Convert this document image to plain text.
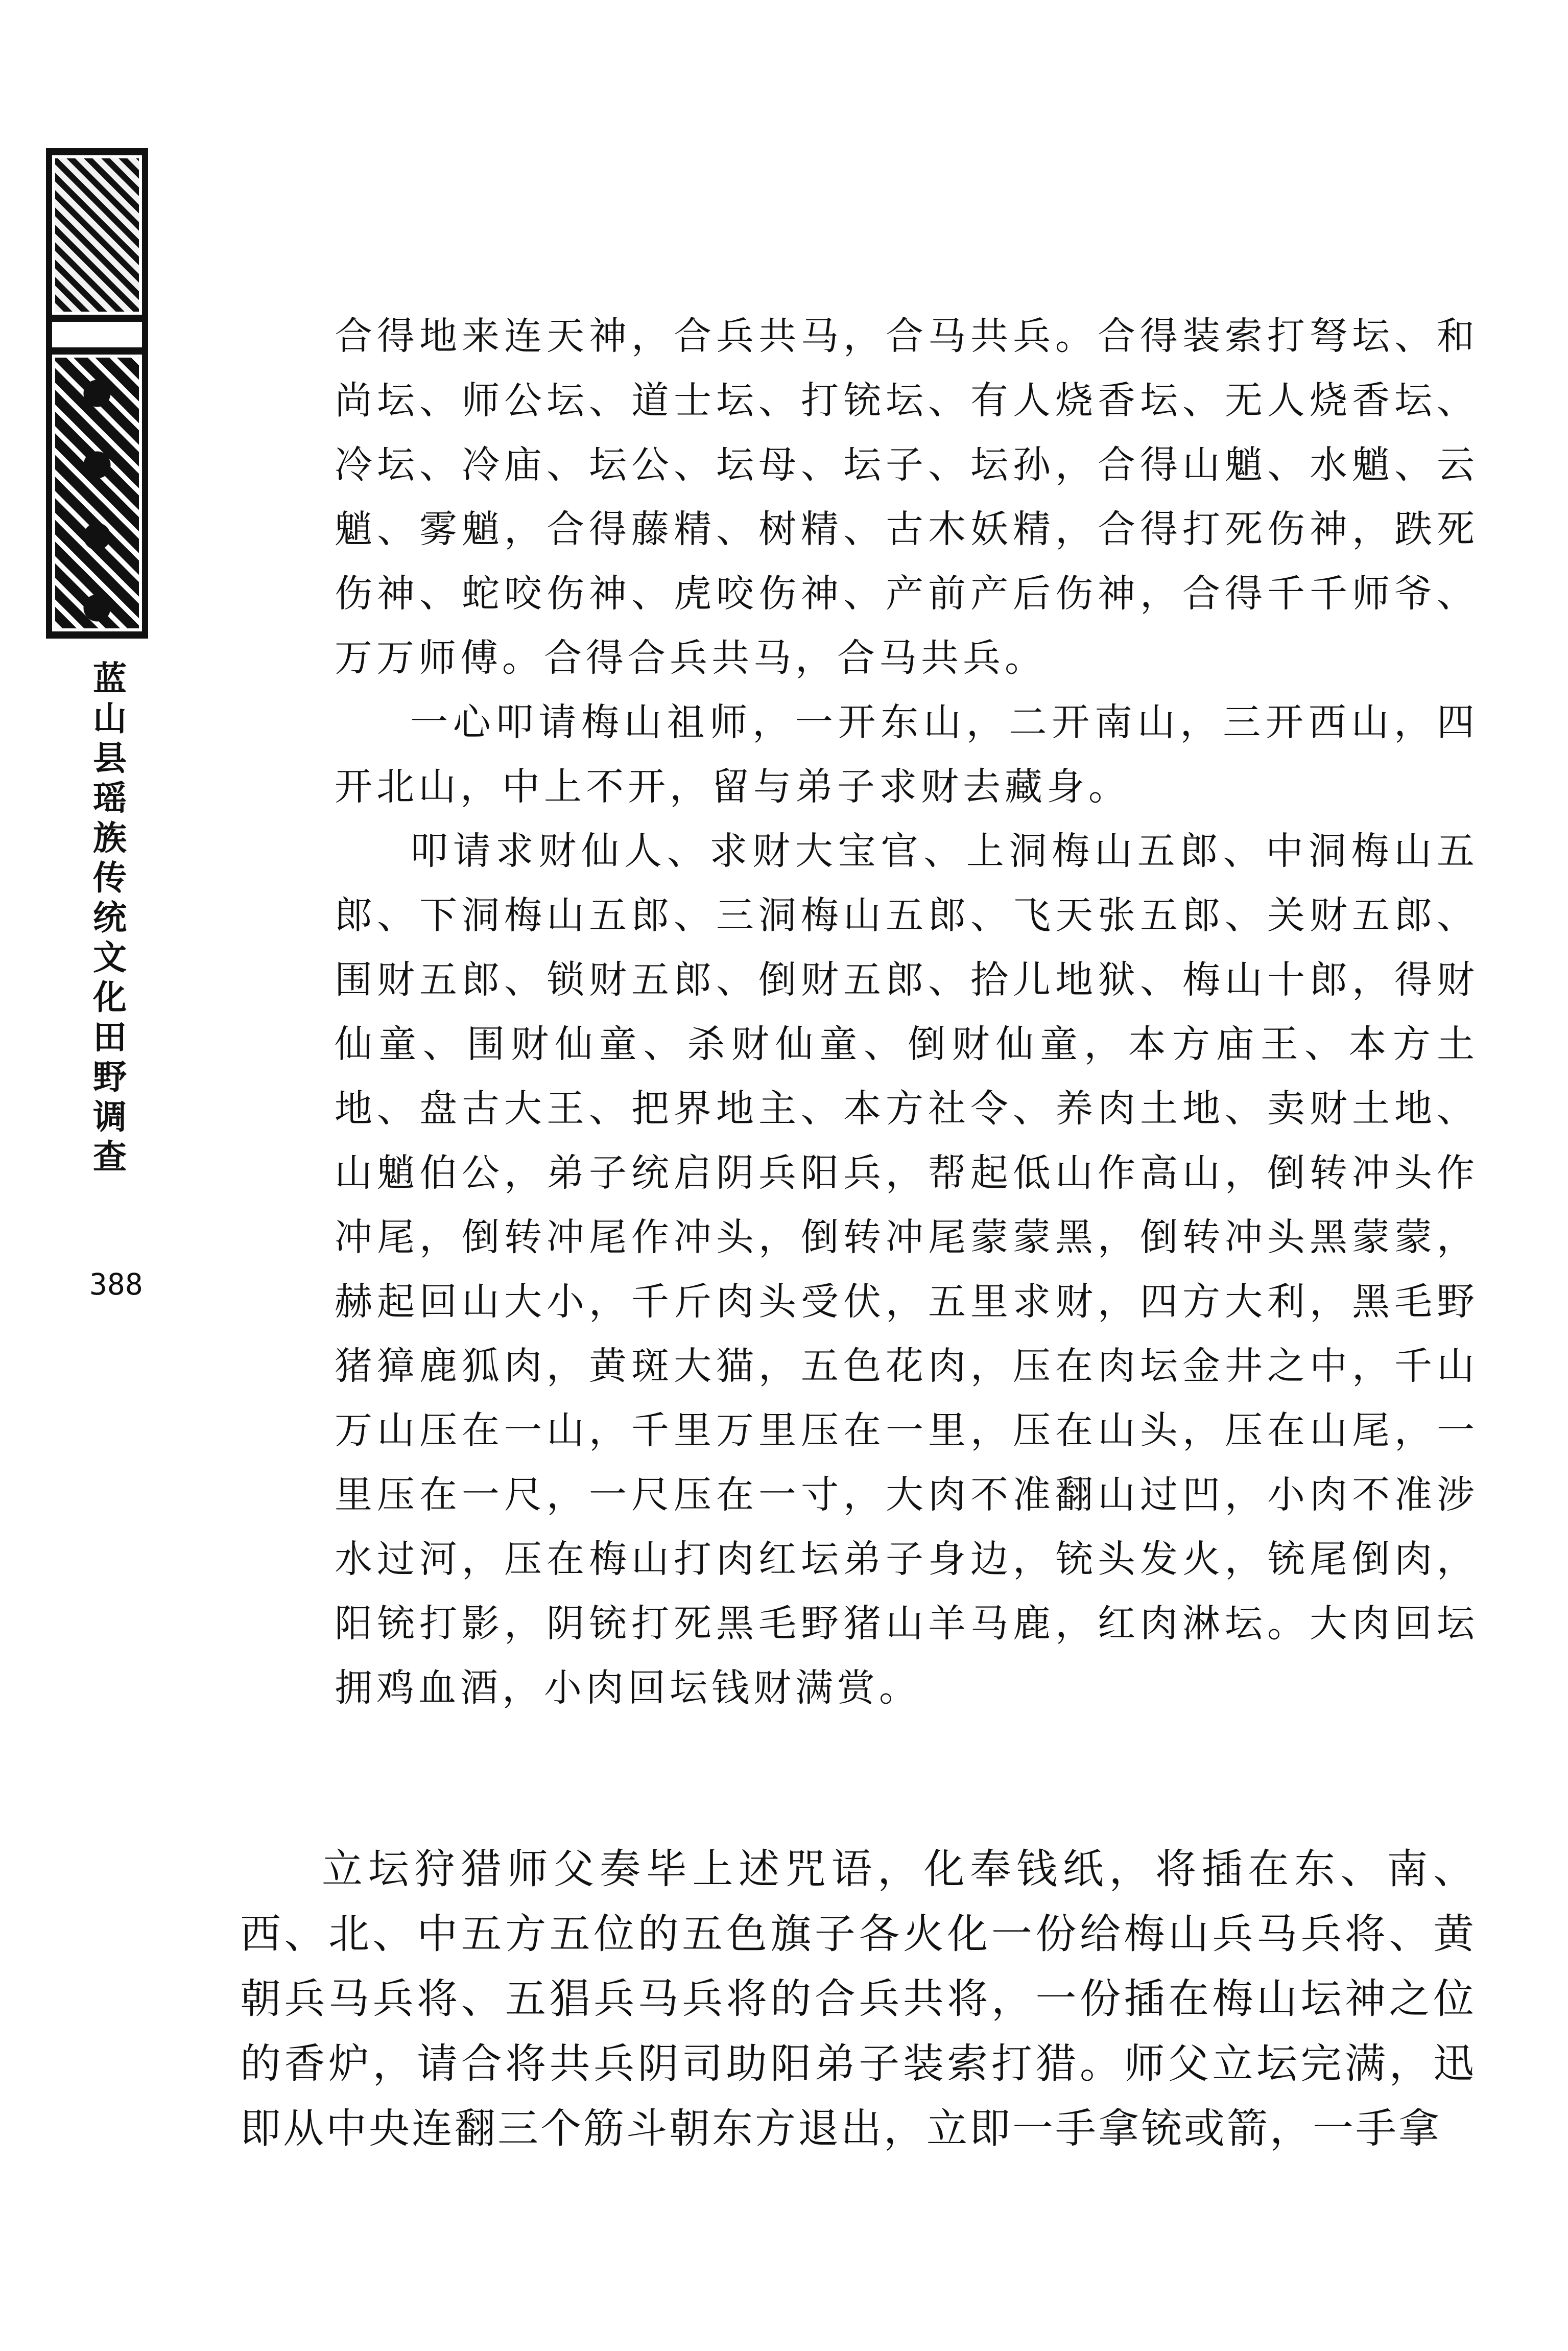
蓝山县瑶族传统文化田野调查
388

合得地来连天神，合兵共马，合马共兵。合得装索打弩坛、和尚坛、师公坛、道士坛、打铳坛、有人烧香坛、无人烧香坛、冷坛、冷庙、坛公、坛母、坛子、坛孙，合得山魈、水魈、云魈、雾魈，合得藤精、树精、古木妖精，合得打死伤神，跌死伤神、蛇咬伤神、虎咬伤神、产前产后伤神，合得千千师爷、万万师傅。合得合兵共马，合马共兵。

一心叩请梅山祖师，一开东山，二开南山，三开西山，四开北山，中上不开，留与弟子求财去藏身。

叩请求财仙人、求财大宝官、上洞梅山五郎、中洞梅山五郎、下洞梅山五郎、三洞梅山五郎、飞天张五郎、关财五郎、围财五郎、锁财五郎、倒财五郎、拾儿地狱、梅山十郎，得财仙童、围财仙童、杀财仙童、倒财仙童，本方庙王、本方土地、盘古大王、把界地主、本方社令、养肉土地、卖财土地、山魈伯公，弟子统启阴兵阳兵，帮起低山作高山，倒转冲头作冲尾，倒转冲尾作冲头，倒转冲尾蒙蒙黑，倒转冲头黑蒙蒙，赫起回山大小，千斤肉头受伏，五里求财，四方大利，黑毛野猪獐鹿狐肉，黄斑大猫，五色花肉，压在肉坛金井之中，千山万山压在一山，千里万里压在一里，压在山头，压在山尾，一里压在一尺，一尺压在一寸，大肉不准翻山过凹，小肉不准涉水过河，压在梅山打肉红坛弟子身边，铳头发火，铳尾倒肉，阳铳打影，阴铳打死黑毛野猪山羊马鹿，红肉淋坛。大肉回坛拥鸡血酒，小肉回坛钱财满赏。

立坛狩猎师父奏毕上述咒语，化奉钱纸，将插在东、南、西、北、中五方五位的五色旗子各火化一份给梅山兵马兵将、黄朝兵马兵将、五猖兵马兵将的合兵共将，一份插在梅山坛神之位的香炉，请合将共兵阴司助阳弟子装索打猎。师父立坛完满，迅即从中央连翻三个筋斗朝东方退出，立即一手拿铳或箭，一手拿
